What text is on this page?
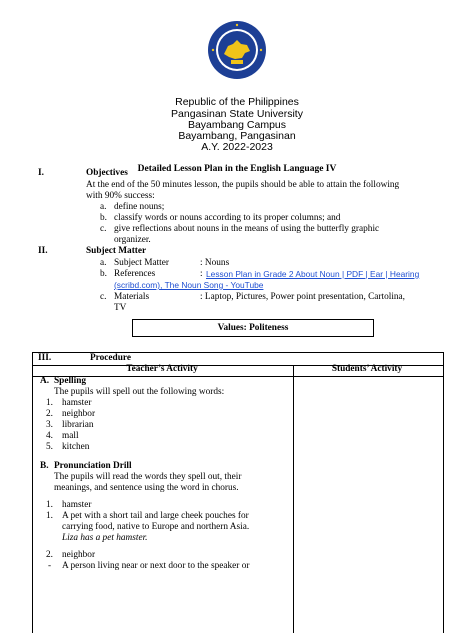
Republic of the Philippines
Pangasinan State University
Bayambang Campus
Bayambang, Pangasinan
A.Y. 2022-2023
Detailed Lesson Plan in the English Language IV
I.	Objectives
At the end of the 50 minutes lesson, the pupils should be able to attain the following
with 90% success:
a. define nouns;
b. classify words or nouns according to its proper columns; and
c. give reflections about nouns in the means of using the butterfly graphic
organizer.
II.	Subject Matter
a. Subject Matter	: Nouns
b. References	: Lesson Plan in Grade 2 About Noun | PDF | Ear | Hearing
(scribd.com), The Noun Song - YouTube
c. Materials	: Laptop, Pictures, Power point presentation, Cartolina,
TV
Values: Politeness
III.	Procedure
Teacher’s Activity	Students’ Activity
A. Spelling
The pupils will spell out the following words:
1. hamster
2. neighbor
3. librarian
4. mall
5. kitchen
B. Pronunciation Drill
The pupils will read the words they spell out, their
meanings, and sentence using the word in chorus.
1. hamster
1. A pet with a short tail and large cheek pouches for
carrying food, native to Europe and northern Asia.
Liza has a pet hamster.
2. neighbor
- A person living near or next door to the speaker or
